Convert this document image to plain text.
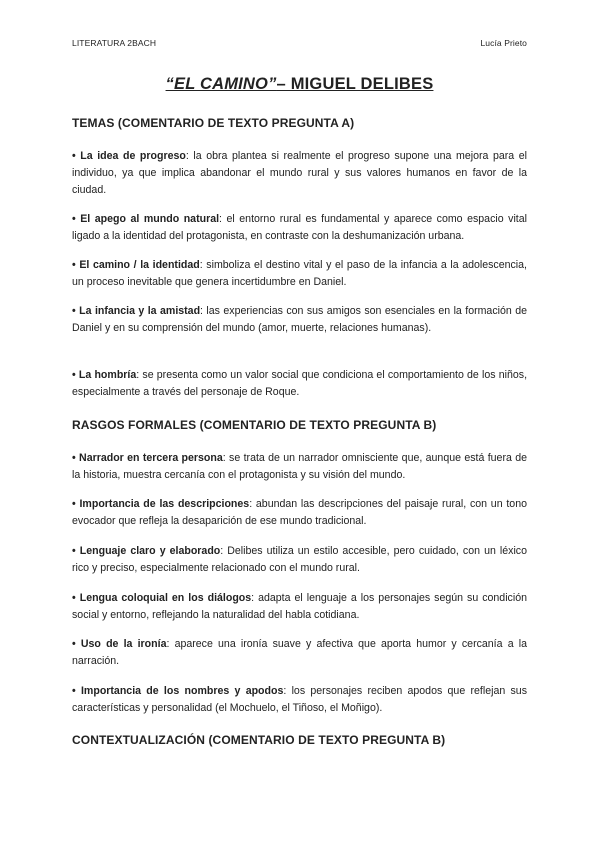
LITERATURA 2BACH	Lucía Prieto
“EL CAMINO”– MIGUEL DELIBES
TEMAS (COMENTARIO DE TEXTO PREGUNTA A)
• La idea de progreso: la obra plantea si realmente el progreso supone una mejora para el individuo, ya que implica abandonar el mundo rural y sus valores humanos en favor de la ciudad.
• El apego al mundo natural: el entorno rural es fundamental y aparece como espacio vital ligado a la identidad del protagonista, en contraste con la deshumanización urbana.
• El camino / la identidad: simboliza el destino vital y el paso de la infancia a la adolescencia, un proceso inevitable que genera incertidumbre en Daniel.
• La infancia y la amistad: las experiencias con sus amigos son esenciales en la formación de Daniel y en su comprensión del mundo (amor, muerte, relaciones humanas).
• La hombría: se presenta como un valor social que condiciona el comportamiento de los niños, especialmente a través del personaje de Roque.
RASGOS FORMALES (COMENTARIO DE TEXTO PREGUNTA B)
• Narrador en tercera persona: se trata de un narrador omnisciente que, aunque está fuera de la historia, muestra cercanía con el protagonista y su visión del mundo.
• Importancia de las descripciones: abundan las descripciones del paisaje rural, con un tono evocador que refleja la desaparición de ese mundo tradicional.
• Lenguaje claro y elaborado: Delibes utiliza un estilo accesible, pero cuidado, con un léxico rico y preciso, especialmente relacionado con el mundo rural.
• Lengua coloquial en los diálogos: adapta el lenguaje a los personajes según su condición social y entorno, reflejando la naturalidad del habla cotidiana.
• Uso de la ironía: aparece una ironía suave y afectiva que aporta humor y cercanía a la narración.
• Importancia de los nombres y apodos: los personajes reciben apodos que reflejan sus características y personalidad (el Mochuelo, el Tiñoso, el Moñigo).
CONTEXTUALIZACIÓN (COMENTARIO DE TEXTO PREGUNTA B)
